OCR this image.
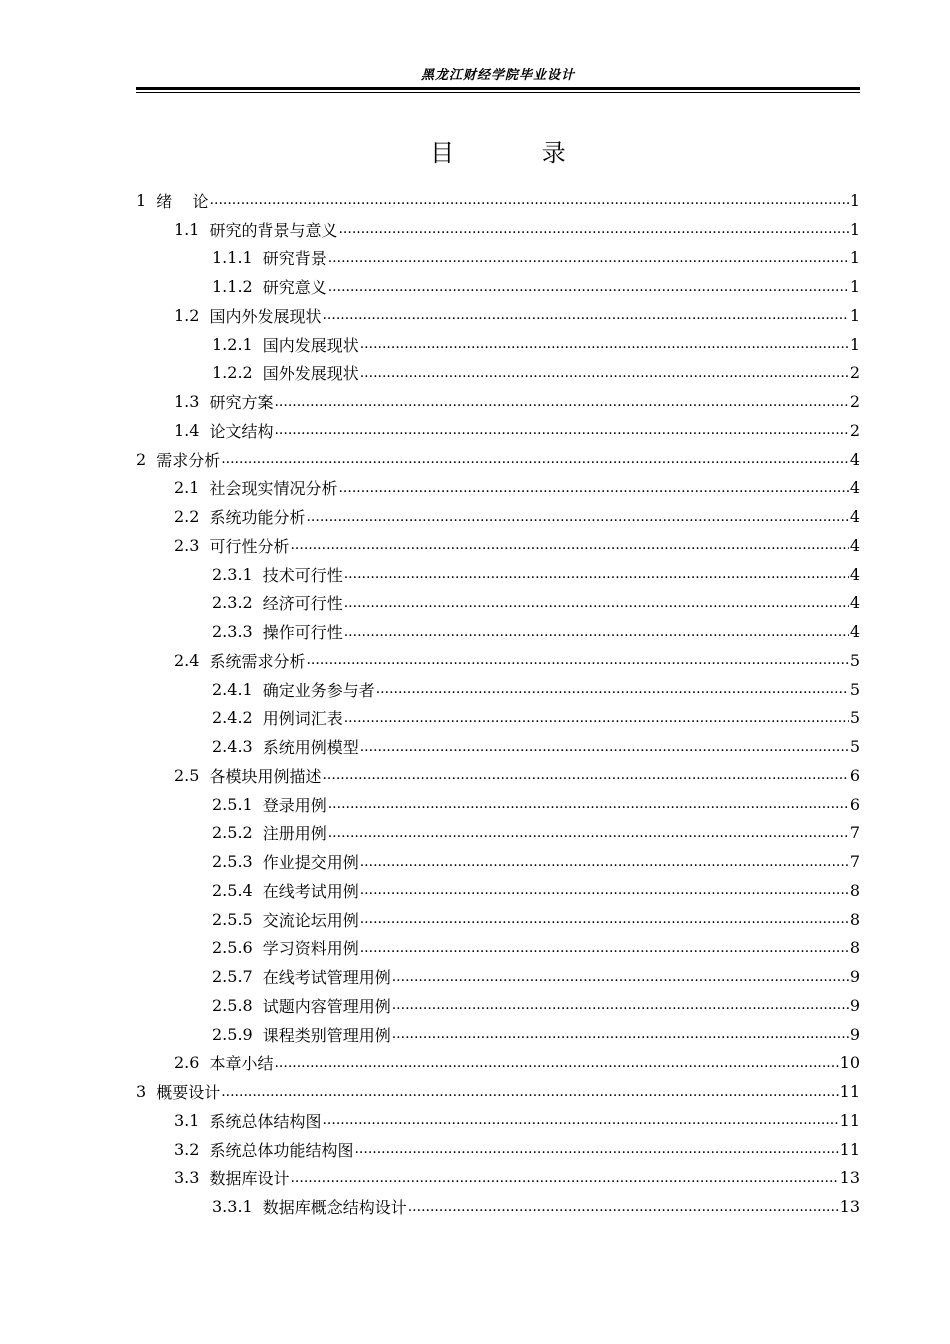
黑龙江财经学院毕业设计
目 录
1 绪    论 .....	1
1.1 研究的背景与意义 .....	1
1.1.1 研究背景 .....	1
1.1.2 研究意义 .....	1
1.2 国内外发展现状 .....	1
1.2.1 国内发展现状 .....	1
1.2.2 国外发展现状 .....	2
1.3 研究方案 .....	2
1.4 论文结构 .....	2
2 需求分析 .....	4
2.1 社会现实情况分析 .....	4
2.2 系统功能分析 .....	4
2.3 可行性分析 .....	4
2.3.1 技术可行性 .....	4
2.3.2 经济可行性 .....	4
2.3.3 操作可行性 .....	4
2.4 系统需求分析 .....	5
2.4.1 确定业务参与者 .....	5
2.4.2 用例词汇表 .....	5
2.4.3 系统用例模型 .....	5
2.5 各模块用例描述 .....	6
2.5.1 登录用例 .....	6
2.5.2 注册用例 .....	7
2.5.3 作业提交用例 .....	7
2.5.4 在线考试用例 .....	8
2.5.5 交流论坛用例 .....	8
2.5.6 学习资料用例 .....	8
2.5.7 在线考试管理用例 .....	9
2.5.8 试题内容管理用例 .....	9
2.5.9 课程类别管理用例 .....	9
2.6 本章小结 .....	10
3 概要设计 .....	11
3.1 系统总体结构图 .....	11
3.2 系统总体功能结构图 .....	11
3.3 数据库设计 .....	13
3.3.1 数据库概念结构设计 .....	13
